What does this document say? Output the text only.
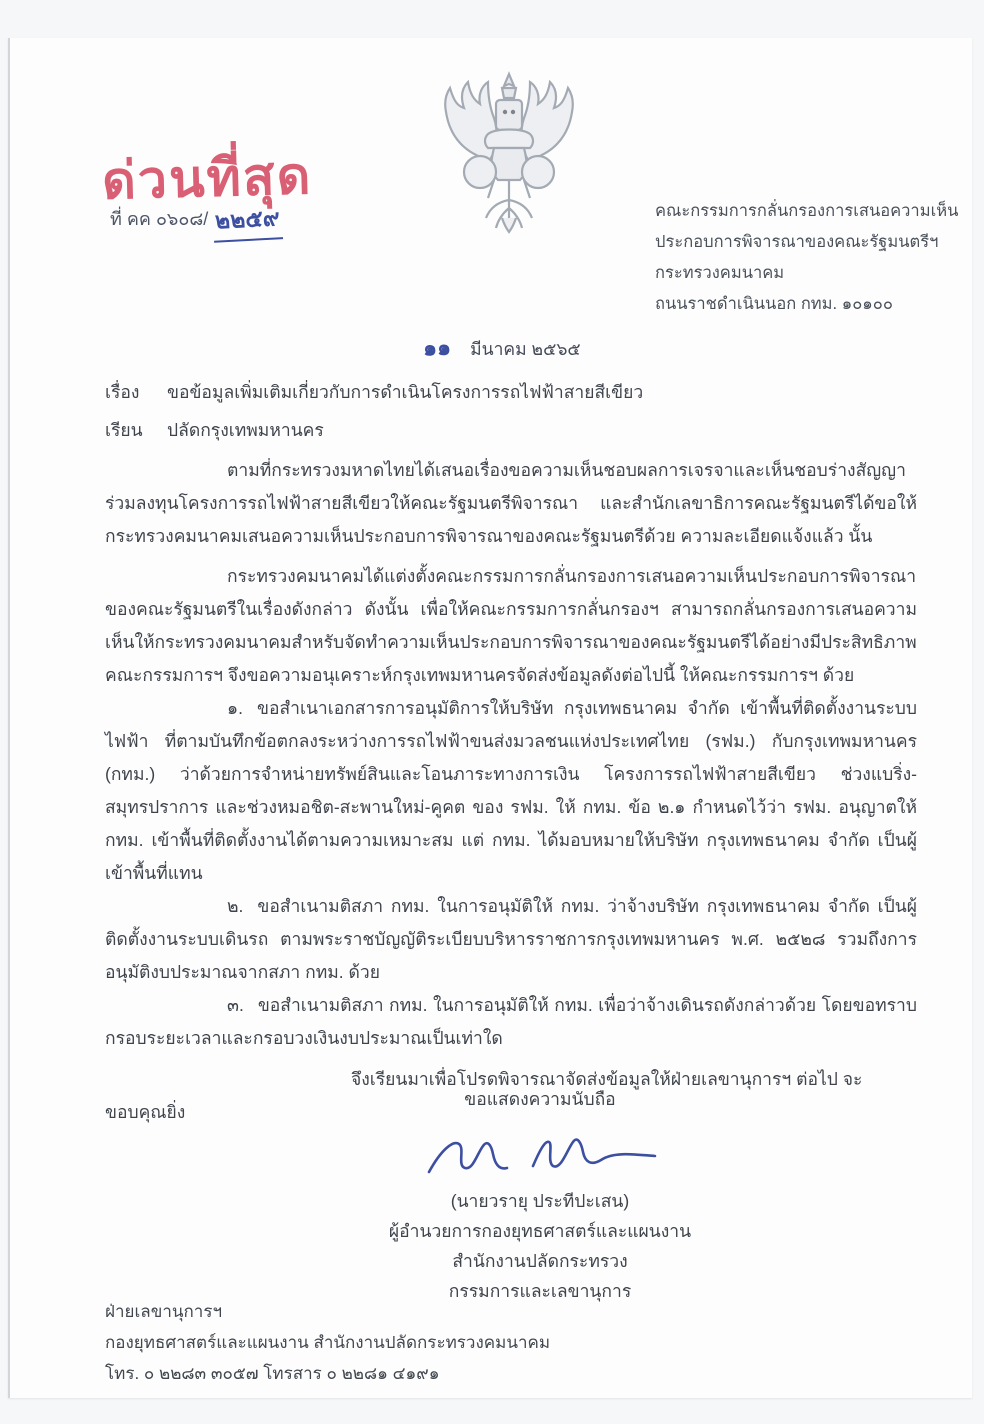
ด่วนที่สุด
ที่ คค ๐๖๐๘/ ๒๒๕๙	คณะกรรมการกลั่นกรองการเสนอความเห็น
ประกอบการพิจารณาของคณะรัฐมนตรีฯ
กระทรวงคมนาคม
ถนนราชดำเนินนอก กทม. ๑๐๑๐๐
๑๑ มีนาคม ๒๕๖๕
เรื่อง	ขอข้อมูลเพิ่มเติมเกี่ยวกับการดำเนินโครงการรถไฟฟ้าสายสีเขียว
เรียน	ปลัดกรุงเทพมหานคร

ตามที่กระทรวงมหาดไทยได้เสนอเรื่องขอความเห็นชอบผลการเจรจาและเห็นชอบร่างสัญญาร่วมลงทุนโครงการรถไฟฟ้าสายสีเขียวให้คณะรัฐมนตรีพิจารณา และสำนักเลขาธิการคณะรัฐมนตรีได้ขอให้กระทรวงคมนาคมเสนอความเห็นประกอบการพิจารณาของคณะรัฐมนตรีด้วย ความละเอียดแจ้งแล้ว นั้น

กระทรวงคมนาคมได้แต่งตั้งคณะกรรมการกลั่นกรองการเสนอความเห็นประกอบการพิจารณาของคณะรัฐมนตรีในเรื่องดังกล่าว ดังนั้น เพื่อให้คณะกรรมการกลั่นกรองฯ สามารถกลั่นกรองการเสนอความเห็นให้กระทรวงคมนาคมสำหรับจัดทำความเห็นประกอบการพิจารณาของคณะรัฐมนตรีได้อย่างมีประสิทธิภาพ คณะกรรมการฯ จึงขอความอนุเคราะห์กรุงเทพมหานครจัดส่งข้อมูลดังต่อไปนี้ ให้คณะกรรมการฯ ด้วย

๑. ขอสำเนาเอกสารการอนุมัติการให้บริษัท กรุงเทพธนาคม จำกัด เข้าพื้นที่ติดตั้งงานระบบไฟฟ้า ที่ตามบันทึกข้อตกลงระหว่างการรถไฟฟ้าขนส่งมวลชนแห่งประเทศไทย (รฟม.) กับกรุงเทพมหานคร (กทม.) ว่าด้วยการจำหน่ายทรัพย์สินและโอนภาระทางการเงิน โครงการรถไฟฟ้าสายสีเขียว ช่วงแบริ่ง-สมุทรปราการ และช่วงหมอชิต-สะพานใหม่-คูคต ของ รฟม. ให้ กทม. ข้อ ๒.๑ กำหนดไว้ว่า รฟม. อนุญาตให้ กทม. เข้าพื้นที่ติดตั้งงานได้ตามความเหมาะสม แต่ กทม. ได้มอบหมายให้บริษัท กรุงเทพธนาคม จำกัด เป็นผู้เข้าพื้นที่แทน

๒. ขอสำเนามติสภา กทม. ในการอนุมัติให้ กทม. ว่าจ้างบริษัท กรุงเทพธนาคม จำกัด เป็นผู้ติดตั้งงานระบบเดินรถ ตามพระราชบัญญัติระเบียบบริหารราชการกรุงเทพมหานคร พ.ศ. ๒๕๒๘ รวมถึงการอนุมัติงบประมาณจากสภา กทม. ด้วย

๓. ขอสำเนามติสภา กทม. ในการอนุมัติให้ กทม. เพื่อว่าจ้างเดินรถดังกล่าวด้วย โดยขอทราบกรอบระยะเวลาและกรอบวงเงินงบประมาณเป็นเท่าใด

จึงเรียนมาเพื่อโปรดพิจารณาจัดส่งข้อมูลให้ฝ่ายเลขานุการฯ ต่อไป จะขอบคุณยิ่ง

ขอแสดงความนับถือ
(นายวรายุ ประทีปะเสน)
ผู้อำนวยการกองยุทธศาสตร์และแผนงาน
สำนักงานปลัดกระทรวง
กรรมการและเลขานุการ
ฝ่ายเลขานุการฯ
กองยุทธศาสตร์และแผนงาน สำนักงานปลัดกระทรวงคมนาคม
โทร. ๐ ๒๒๘๓ ๓๐๕๗ โทรสาร ๐ ๒๒๘๑ ๔๑๙๑
